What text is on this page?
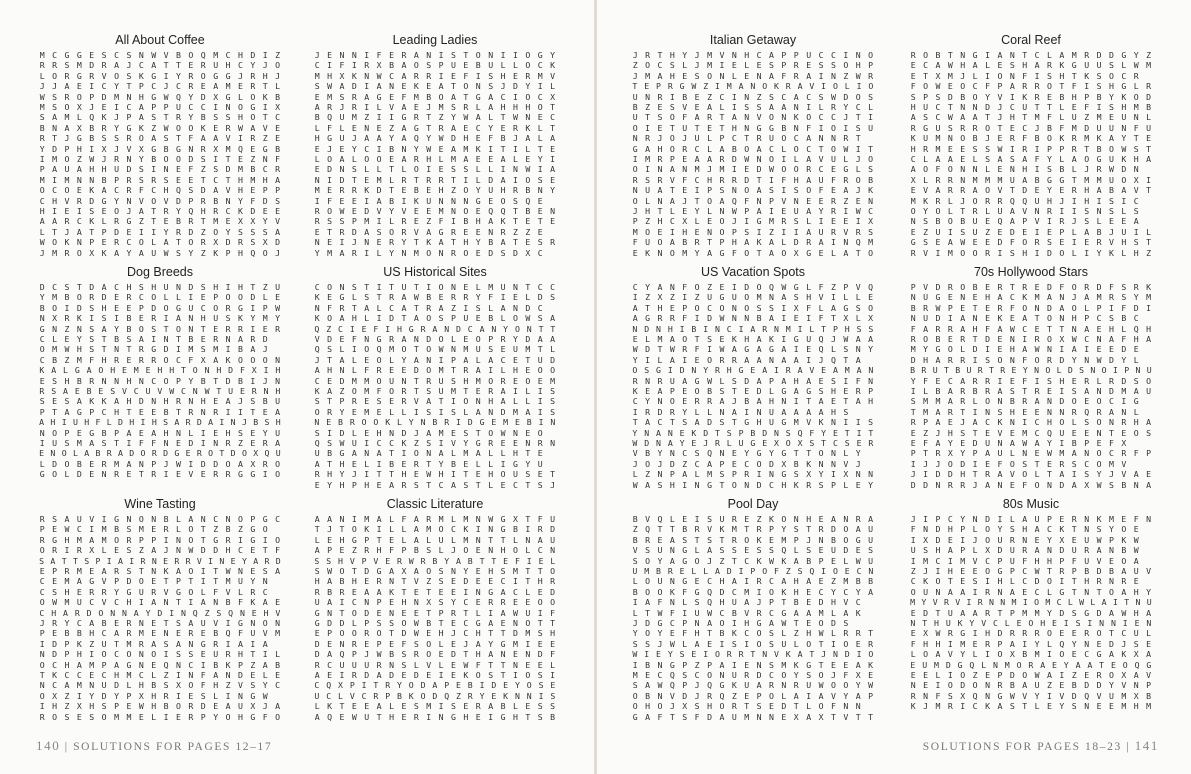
All About Coffee
M C G G E S C S N W V B O Q M C H D I Z
R R S M D R A J C A T T E R U H C Y J O
L O R G R V O S K G I Y R O G G J R H J
J J A E I C Y T P C J C R E A M E R T L
W S R O P D M N H G W Q Y D X G L O K B
M S O X J E I C A P P U C C I N O G I X
S A M L Q K J P A S T R Y B S S H O T C
B N A X B R Y G K Z W O O K E R W A V E
R T J G B S S R O A S T F A A V I R Z E
Y D P H I X J V X G B G N R X M Q E G B
I M O Z W J R N Y B O O D S I T E Z N F
P A U A H H U D S I N E F Z S D M B C R
M I M N N B P R S R S E E T C T H M H A
O C O E K A C R F C H Q S D A V H E P P
C H V R D G Y N V O V D P R B N Y F D S
H I E I S E O J A T R Y Q H R C K D E E
A A R C K L R G Z T E B R T M E X X Y V
L T J A T P D E I I Y R D Z O Y S S S A
W O K N P E R C O L A T O R X D R S X D
J M R O X K A Y A U W S Y Z K P H Q O J
Leading Ladies
J E N N I F E R A N I S T O N I I O G Y
C I F I R X B A O S P U E B U L L O C K
M H X K N W C A R R I E F I S H E R M V
S W A D I A N E K E A T O N S J D Y I L
E M S R A G E F M B O A T G A C I O C X
A R J R I L V A E J M S R L A H H H O T
B Q U M Z I I G R T Z Y W A L T W N E C
L F L E N E Z A G T R A E C Y E R K L T
H G U J A A Y A Q Y W D H E F B J A L A
E J E Y C I B N Y W E A M K I T I L T E
L O A L O O E A R H L M A E E A L E Y I
E D N S L L T L O I E S S L L I N W I A
N I D T E M L R T R R T I L D A I O S E
M E R R K D T E B E H Z O Y U H R B N Y
I F E E I A B I K U N N N G E O S Q E
R O W E D V Y V E E M N O E Q Q T B E N
R S S P M I L R E Z F I B H A K T E T E
E T R D A S O R V A G R E E N R Z Z E
N E I J N E R Y T K A T H Y B A T E S R
Y M A R I L Y N M O N R O E D S D X C
Dog Breeds
D C S T D A C H S H U N D S H I H T Z U
Y M B O R D E R C O L L I E P O O D L E
B O I D S H E E P D O G U C O R G I P W
N X R K I S I B E R I A N H U S K Y M Y
G N Z N S A Y B O S T O N T E R R I E R
C L E Y S T B S A I N T B E R N A R D
O M W H S T N T R G D I M S M I B A J
C B Z M F H R E R R O C F X A K O O O N
K A L G A O H E M E H H T O N H D F X I H
E S H B R N N H N C O P Y B T D B I J N
R S A E B E S V C U V W C N W T U E R N H
S E S A K K A H D N H R N H E A J S B U
P T A G P C H T E E B T R N R I I T E A
A H I U H F L D H I H S A R D A I N J B S H
N O P E G B P A E A H N L I E H S E Y U
I U S M A S T I F F N E D I N R Z E R A
E N O L A B R A D O R D G E R O T D O X Q U
L D O B E R M A N P J W I D D O A X R O
G O L D E N R E T R I E V E R R G G I O
US Historical Sites
C O N S T I T U T I O N E L M U N T C C
K E G L S T R A W B E R R Y F I E L D S
N F R T A L C A T R A Z I S L A N D C
K O A H L I D T A O S P U E B L O W S A
Q Z C I E F I H G R A N D C A N Y O N T T
V D E F N G R A N D O L E O P R Y D A A
Q S L I O Q M O T O W N M U S E U M T L
J T A L E O L Y A N I P A L A C E T U D
A H N L F R E E D O M T R A I L H E O O
C E D M M O U N T R U S H M O R E O E M
K A Z O M F O R T S U M T E R A I L I S
S T P R E S E R V A T I O N H A L L I S
O R Y E M E L L I S I S L A N D M A I S
N E B R O O K L Y N B R I D G E M E B I N
S I D L E H N D J A M E S T O W N E O
Q S W U I C C K Z S I V Y G R E E N R N
U B G A N A T I O N A L M A L L H T E
A T H E L I B E R T Y B E L L I G Y U
R H Y J I T T H E W H I T E H O U S E T
E Y H P H E A R S T C A S T L E C T S J
Wine Tasting
R S A U V I G N O N B L A N C N O P G C
P E W C I M B S M E R L O T Z B Z G O
R G H M A M O R P P I N O T G R I G I O
O R I R X L E S Z A J N W D D H C E T F
S A T T S P I A I R N E R R V I N E Y A R D
E P R M E A R S T N K A O I T W N E S A
C E M A G V P D O E T P T I T M U Y N
C S H E R R Y G U R V G O L F V L R C
O W M U C V C H I A N T I A N B F K A E
C H A R D O N N A Y D I N Q Z S Q N E H V
J R Y C A B E R N E T S A U V I G N O N
P E B B H C A R M E N E R E B Q F U V M
I D P K Z U T M R A S A N G R I A I A
N D P H I O C O N O I S S E U R H T I L
O C H A M P A G N E Q N C I B K P Z A B
T K C C E C H M C L Z I N F A N D E L E
N C A M N U D L H B S X O F H Z V S Y C
O X Z I Y D Y P X H R I E S L I N G W
I H Z X H S P E W H B O R D E A U X J A
R O S E S O M M E L I E R P Y O H G F O
Classic Literature
A A N I M A L F A R M L M N W G X T F U
T J T O K I L L A M O C K I N G B I R D
L E H G P T E L A L U L M N T T L N A U
A P E Z R H F P B S L J O E N H O L C N
S S H V P V E R W R B Y A B T T E F I E L
S W O T D G A X A O S N Y E H S M T T O
H A B H E R N T V Z S E D E E C I T H R
R B R E A A K T E T E E I N G A C L E D
U A I C N P E H N X S Y C E R R E E O O
G N T O D E N E E T P R T L I A W U I F
G D D L P S S O W B T E C G A E N O T T
E P O O R O T D W E H J C H T T D M S H
D E N R E P E F S O L E J A Y G M I E E
D A Q P J W B S R O E D T H A N E N D F
R C U U U R N S L V L E W F T T N E E L
A E I R D A D E D E I E K O S T I O S I
C Q X P I T R Y O D A P E B I D E Y O S E
U C L V C R P B K O D Q Z R Y E K N N I S
L K T E E A L E S M I S E R A B L E S S
A Q E W U T H E R I N G H E I G H T S B
140 | SOLUTIONS FOR PAGES 12–17
Italian Getaway
J R T H Y J M V N H C A P P U C C I N O
Z O C S L J M I E L E S P R E S S O H P
J M A H E S O N L E N A F R A I N Z W R
T E P R G W Z I M A N O K R A V I O L I O
U N R I B E Z C I N Z S C A C S W D O S
B Z E S V E A L I S S A A N I L R Y C L
U T S O F A R T A N V O N K O C C J T I
O I E T U T E T H N G G B N F I O I S U
N R J O J U L P C T R U O C A N N R T
G A H O R C L A B O A C L O C T O W I T
I M R P E A A R D W N O I L A V U L J O
O I N A N M J M I E D W O O R C E G L S
R S R V F C H R R D T I F H A U F R O B
N U A T E I P S N O A S I S O F E A J K
O L N A J T O A Q F N P V N E E R Z E N
J H T L E Y L N W P A I E U A Y R I W C
P Z H C X L E O J I G M R S L I E E I X
M O E I H E N O P S I Z I I A U R V R S
F U O A B R T P H A K A L D R A I N Q M
E K N O M Y A G F O T A O X G E L A T O
Coral Reef
R O B T N G I A N T C L A M R D D G Y Z
E C A W H A L E S H A R K G U U S L W M
E T X M J L I O N F I S H T K S O C R
F O W E O C F P A R R O T F I S H G L R
S P S D B O Y V I K R E B H P B Y K O D
H U C T N N D J C U T T L E F I S H M B
A S C W A A T J H T M F L U Z M E U N L
R G U S R R O T E C J B F M D U U N F U
K U M N O B J E R F B O K R M K A Y T E
H R M E E S S W I R I P P R T B O W S T
C L A A E L S A S A F Y L A O G U K H A
A O F O N N L E N H I S B L J R W D N
X L R R N M M M U A B G G T M M U O X I
E V A R R A O V T D E Y E R H A B A V T
M K R L J O R R Q Q U H J I H I S I C
O Y O L T R L U A V N R I I S N S L S
N S B O B U E Q A P V I R J S L E E A
E Z U I S U Z E D E I E P L A B J U I L
G S E A W E E D F O R S E I E R V H S T
R V I M O O R I S H I D O L I Y K L H Z
US Vacation Spots
C Y A N F O Z E I D O Q W G L F Z P V Q
I Z X Z I Z U G U O M N A S H V I L L E
A T H E P O C O N O S S I X F L A G S O
A G R R F I D W N N B A I E I F T X L X
N D N H I B I N C I A R N M I L T P H S S
E L M A O T S E K H A K I G U Q J W A A
W D T W R F I W A G A G A I E Q L S N Y
Y I L A I E O R R A A N A A I J Q T A
O S G I D N Y R H G E A I R A V E A M A N
R N R U A G W L S D A P A H A E S I F N
K E A P E O B S T E D L G A G S H E R P
C Y N O E R R A J B A H N I T A E T A H
I R D R Y L L N A I N U A A A A H S
T A C T S A D S T G H U G M V K N I I S
Y N A N E K D T S P B D N S Q F Y E T I T
W D N A Y E J R L U G E X O X S T C S E R
V B Y N C S Q N E Y G Y G T T O N L Y
J O J D Z C A P E C O D X B K N N V J
L Z N P A L M S P R I N G S X Y I X N N
W A S H I N G T O N D C H K R S P L E Y
70s Hollywood Stars
P V D R O B E R T R E D F O R D F S R K
N U G E N E H A C K M A N J A M R S Y M
B R W P E T E R F O N D A O L P I F D I
N U D I A N E K E A T O N H P C S B C
F A R R A H F A W C E T T N A E H L Q H
R O B E R T D E N I R O X W C N A F H A
M Y G O L D I E H A W N I A I E E D E
D H A R R I S O N F O R D Y N W D Y L
B R U T B U R T R E Y N O L D S N O I P N U
Y F E C A R R I E F I S H E R L R D S O
I L B A R B R A S T R E I S A N D M A U
S M M A R L O N B R A N D O E O C I G
T M A R T I N S H E E N N R Q R A N L
R P A E J A C K N I C H O L S O N R H A
E Z J H S T E V E M C Q U E E N T E O S
E F A Y E D U N A W A Y I B P E F X
P T R X Y P A U L N E W M A N O C R F P
I J J O D I E F O S T E R S C O M V
J I D D H T R A V O L T A I S Y J V A E
D D N R R J A N E F O N D A X W S B N A
Pool Day
B V Q L E I S U R E Z K O N H E A N R A
Z Q T T B R V K M T R P Y S T R D O A U
B R E A S T S T R O K E M P J N B O G U
V S U N G L A S S E S S Q L S E U D E S
S O Y A G O J Z T C K W K A B P E L W U
U M B R E L L A D I P O F Z S Q I O E C N
L O U N G E C H A I R C A H A E Z M B B
B O O K F G Q D C M I O K H E C Y C Y A
I A F N L S Q H U A J P T B E D H V C
L T W F I U W C B V R C G A A M L A K
J D G C P N A O I H G A W T E O D S
Y O Y E F H T B K C O S L Z H W L R R T
S S J W L A E I S I O S U L O T I O E R
W I E Y S E I O R R T N V K A T J N D I O
I B N G P Z P A I E N S M K G T E E A K
M E C Q S C O N U R D C O Y S O J F X E
S A W Q P J Q G K U A R N R U W O O Y W
O B N V D J R Q Z E P O L A I A V Y A P
O H O J X S H O R T S E D T L O F N N
G A F T S F D A U M N N E X A X T V T T
80s Music
J I P C Y N D I L A U P E R N K M E F N
F N D H P L O Y S H A C K T N S Y O E
I X D E I J O U R N E Y X E U W P K W
U S H A P L X D U R A N D U R A N B W
I M C I M V C P U F H H P F U V E O A
Z J I H E E O G P C W T R P B D B A U V
C K O T E S I H L C D O I T H R N R E
O U N A A I R N A E C L G T N T O A H Y
M Y V R V I R N N M I O M C L W L A I T N U
E D T U A A R T P M M Y D S G D A W H A
N T H U K Y V C L E O H E I S I N N I E N
E X W R G I H D R R R O E E R O T C U L
F H H I M E R P A I Y L Q Y N E D J S E
L O A V Y L I O X B M I O E C G A K X A
E U M D G Q L N M O R A E Y A A T E O Q G
E E L I O Z E P D O W A I Z E R O X A V
N E I O D O N R B A U Z E B D D Y V N P
R N F S X Q N G W V Y I V D Q V U M X B
K J M R I C K A S T L E Y S N E E M H M
SOLUTIONS FOR PAGES 18–23 | 141
